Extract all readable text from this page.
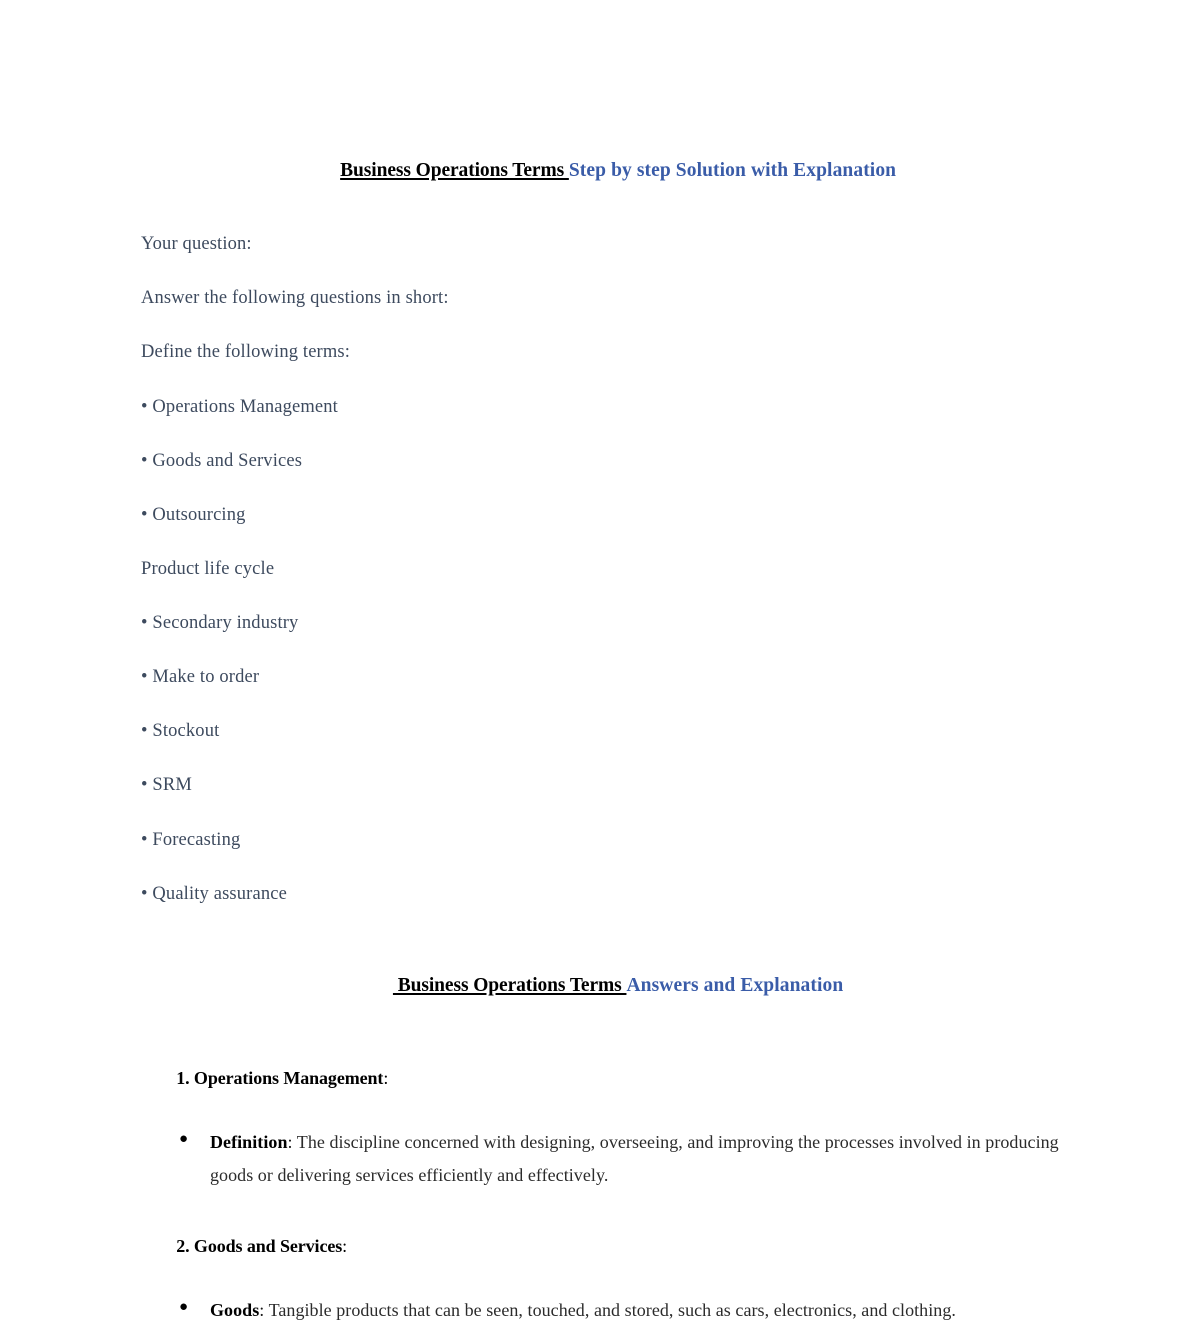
Business Operations Terms Step by step Solution with Explanation

Your question:

Answer the following questions in short:

Define the following terms:

• Operations Management

• Goods and Services

• Outsourcing

Product life cycle

• Secondary industry

• Make to order

• Stockout

• SRM

• Forecasting

• Quality assurance

Business Operations Terms Answers and Explanation

1. Operations Management:

● Definition: The discipline concerned with designing, overseeing, and improving the processes involved in producing goods or delivering services efficiently and effectively.

2. Goods and Services:

● Goods: Tangible products that can be seen, touched, and stored, such as cars, electronics, and clothing.
